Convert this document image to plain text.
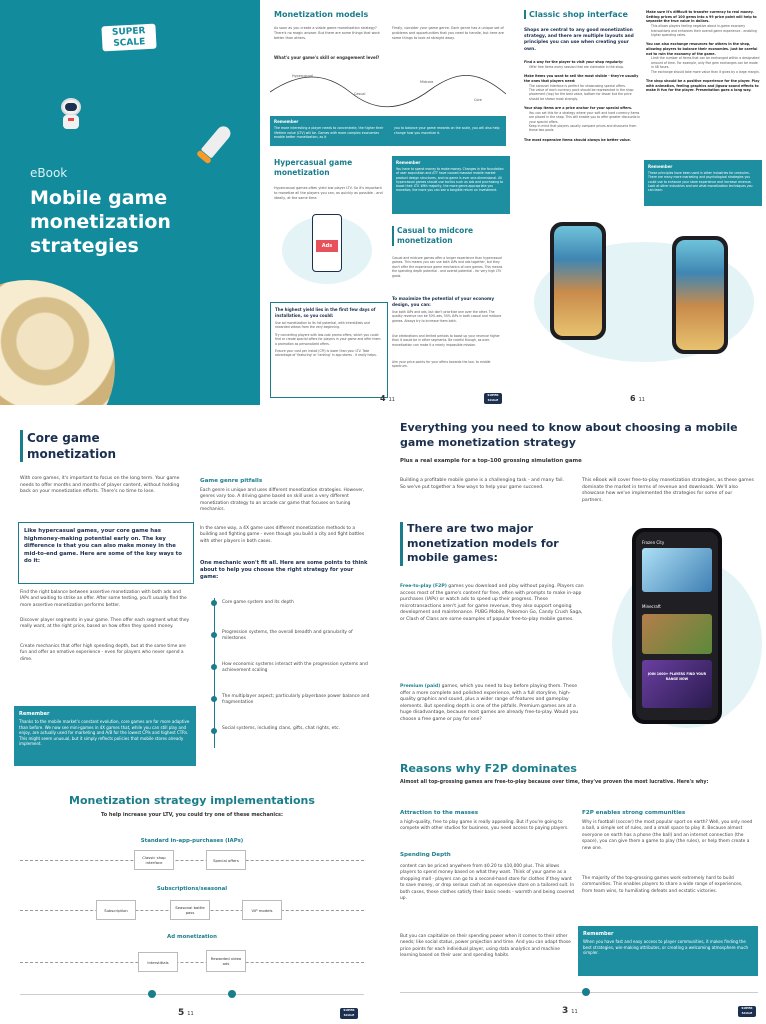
SUPER SCALE
eBook
Mobile game
monetization
strategies
Monetization models
As soon as you create a viable game monetization strategy? There's no magic answer. But there are some things that work better than others.
Firstly, consider your game genre. Each genre has a unique set of problems and opportunities that you need to handle, but here are some things to look at straight away.
What's your game's skill or engagement level?
Hypercasual
Casual
Midcore
Core
Remember
The more interesting a player needs to concentrate, the higher their lifetime value (LTV) will be. Games with more complex economies enable better monetization, as it
you to balance your game rewards on the scale, you will also help change how you monetize it.
Hypercasual game monetization
Hypercasual games often yield low player LTV. So it's important to monetize all the players you can, as quickly as possible - and ideally, at the same time.
Remember
You have to spend money to make money. Changes in the foundation of user acquisition and ATT have caused massive mobile market product design structures, and no game is ever one-dimensional. All hypercasual games should use tactics such as ads and purchasing to boost their LTV. With majority, the more genre-appropriate you monetize, the more you can see a tangible return on investment.
Ads
The highest yield lies in the first few days of installation, so you could:
Use ad monetization to its full potential, with interstitials and rewarded videos from the very beginning.
Try converting players with low-cost promo offers, which you could find or create special offers for players in your game and offer them a promotion as personalized offers.
Ensure your cost per install (CPI) is lower than your LTV. Take advantage of 'featuring' or 'ranking' in app stores - it really helps.
Casual to midcore monetization
Casual and midcore games offer a longer experience than hypercasual games. This means you can use both IAPs and ads together, but they don't offer the experience game mechanics of core games. This means the spending depth potential - and overall potential - for very high LTV goals.
To maximize the potential of your economy design, you can:
Use both IAPs and ads, but don't prioritize one over the other. The quality revenue can be 50% ads, 50% IAPs in both casual and midcore games. Always try to increase them both.
Use celebrations and limited periods to boost up your revenue higher than it would be in other segments. Be careful though, as over-monetization can make it a nearly impossible mission.
Aim your price points for your offers towards the low- to middle spectrum.
4 11
SUPER SCALE
Classic shop interface
Shops are central to any good monetization strategy, and there are multiple layouts and principles you can use when creating your own.
Find a way for the player to visit your shop regularly:
Offer free items every session that are claimable in the shop.
Make items you want to sell the most visible - they're usually the ones that players need:
The carousel interface is perfect for showcasing special offers.
The value of each currency pack should be represented in the shop placement (top) for the best value, bottom for lesser but the price should be shown most strongly.
Your shop items are a price anchor for your special offers.
You can set this for a strategy where your soft and hard currency items are placed in the shop. This will enable you to offer greater discounts in your special offers.
Keep in mind that players usually compare prices and discounts from these two pools.
The most expensive items should always be better value.
Make sure it's difficult to transfer currency to real money. Setting prices of 100 gems into a 99 price point will help to separate the true value in dollars.
This allows players feeling negative about in-game economy transactions and enhances their overall game experience - enabling higher spending rates.
You can also exchange resources for others in the shop, allowing players to balance their economies. Just be careful not to ruin the economy of the game.
Limit the number of items that can be exchanged within a designated amount of time. For example, only five gem exchanges can be made in 48 hours.
The exchange should take more value than it gives by a large margin.
The shop should be a positive experience for the player. Play with animation, feeling graphics and jigsaw sound effects to make it fun for the player. Presentation goes a long way.
Remember
These principles have been used in other industries for centuries. There are many more marketing and psychological strategies you could use to enhance your store experience and increase revenue. Look at other industries and see what monetization techniques you can learn.
6 11
Core game monetization
With core games, it's important to focus on the long term. Your game needs to offer months and months of player content, without holding back on your monetization efforts. There's no time to lose.
Like hypercasual games, your core game has highmoney-making potential early on. The key difference is that you can also make money in the mid-to-end game. Here are some of the key ways to do it:
Find the right balance between assertive monetization with both ads and IAPs and waiting to strike an offer. After some testing, you'll usually find the more assertive monetization performs better.
Discover player segments in your game. Then offer each segment what they really want, at the right price, based on how often they spend money.
Create mechanics that offer high spending depth, but at the same time are fun and offer an emotive experience - even for players who never spend a dime.
Remember
Thanks to the mobile market's constant evolution, core games are far more adaptive than before. We now see mini-games in 4X games that, while you can still play and enjoy, are actually used for marketing and A/B for the lowest CPIs and highest CTRs. This might seem unusual, but it simply reflects policies that mobile stores already implement.
Game genre pitfalls
Each genre is unique and uses different monetization strategies. However, genres vary too. A driving game based on skill uses a very different monetization strategy to an arcade car game that focuses on tuning mechanics.
In the same way, a 4X game uses different monetization methods to a building and fighting game - even though you build a city and fight battles with other players in both cases.
One mechanic won't fit all. Here are some points to think about to help you choose the right strategy for your game:
Core game system and its depth
Progression systems, the overall breadth and granularity of milestones
How economic systems interact with the progression systems and achievement scaling
The multiplayer aspect; particularly playerbase power balance and fragmentation
Social systems, including clans, gifts, chat rights, etc.
Monetization strategy implementations
To help increase your LTV, you could try one of these mechanics:
Standard in-app-purchases (IAPs)
Classic shop interface	Special offers
Subscriptions/seasonal
Subscription
Seasonal battle pass	VIP models
Ad monetization
Interstitials
Rewarded video ads
5 11
SUPER SCALE
Everything you need to know about choosing a mobile game monetization strategy
Plus a real example for a top-100 grossing simulation game
Building a profitable mobile game is a challenging task - and many fail. So we've put together a few ways to help your game succeed.
This eBook will cover free-to-play monetization strategies, as these games dominate the market in terms of revenue and downloads. We'll also showcase how we've implemented the strategies for some of our partners.
There are two major monetization models for mobile games:
Free-to-play (F2P) games you download and play without paying. Players can access most of the game's content for free, often with prompts to make in-app purchases (IAPs) or watch ads to speed up their progress. These microtransactions aren't just for game revenue, they also support ongoing development and maintenance. PUBG Mobile, Pokemon Go, Candy Crush Saga, or Clash of Clans are some examples of popular free-to-play mobile games.
Premium (paid) games, which you need to buy before playing them. These offer a more complete and polished experience, with a full storyline, high-quality graphics and sound, plus a wider range of features and gameplay elements. But spending depth is one of the pitfalls. Premium games are at a huge disadvantage, because most games are already free-to-play. Would you choose a free game or pay for one?
Frozen City
Minecraft
JOIN 1000+ PLAYERS FIND YOUR RANGE NOW
Reasons why F2P dominates
Almost all top-grossing games are free-to-play because over time, they've proven the most lucrative. Here's why:
Attraction to the masses
a high-quality, free to play game is really appealing. But if you're going to compete with other studios for business, you need access to paying players.
Spending Depth
content can be priced anywhere from $0.20 to $10,000 plus. This allows players to spend money based on what they want. Think of your game as a shopping mall - players can go to a second-hand store for clothes if they want to save money, or drop serious cash at an expensive store on a tailored suit. In both cases, these clothes satisfy their basic needs - warmth and being covered up.
But you can capitalize on their spending power when it comes to their other needs; like social status, power projection and time. And you can adapt those price points for each individual player, using data analytics and machine learning based on their user and spending habits.
F2P enables strong communities
Why is football (soccer) the most popular sport on earth? Well, you only need a ball, a simple set of rules, and a small space to play it. Because almost everyone on earth has a phone (the ball) and an internet connection (the space), you can give them a game to play (the rules), or help them create a new one.
The majority of the top-grossing games work extremely hard to build communities. This enables players to share a wide range of experiences, from team wins, to humiliating defeats and ecstatic victories.
Remember
When you have fast and easy access to player communities, it makes finding the best strategies, win-making attributes, or creating a welcoming atmosphere much simpler.
3 11
SUPER SCALE
